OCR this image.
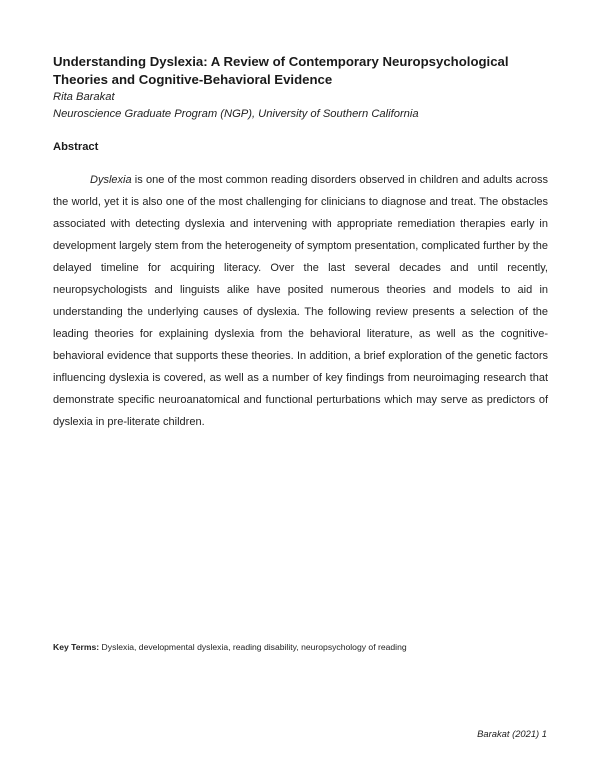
Understanding Dyslexia: A Review of Contemporary Neuropsychological Theories and Cognitive-Behavioral Evidence
Rita Barakat
Neuroscience Graduate Program (NGP), University of Southern California
Abstract

Dyslexia is one of the most common reading disorders observed in children and adults across the world, yet it is also one of the most challenging for clinicians to diagnose and treat. The obstacles associated with detecting dyslexia and intervening with appropriate remediation therapies early in development largely stem from the heterogeneity of symptom presentation, complicated further by the delayed timeline for acquiring literacy. Over the last several decades and until recently, neuropsychologists and linguists alike have posited numerous theories and models to aid in understanding the underlying causes of dyslexia. The following review presents a selection of the leading theories for explaining dyslexia from the behavioral literature, as well as the cognitive-behavioral evidence that supports these theories. In addition, a brief exploration of the genetic factors influencing dyslexia is covered, as well as a number of key findings from neuroimaging research that demonstrate specific neuroanatomical and functional perturbations which may serve as predictors of dyslexia in pre-literate children.

Key Terms: Dyslexia, developmental dyslexia, reading disability, neuropsychology of reading
Barakat (2021) 1
